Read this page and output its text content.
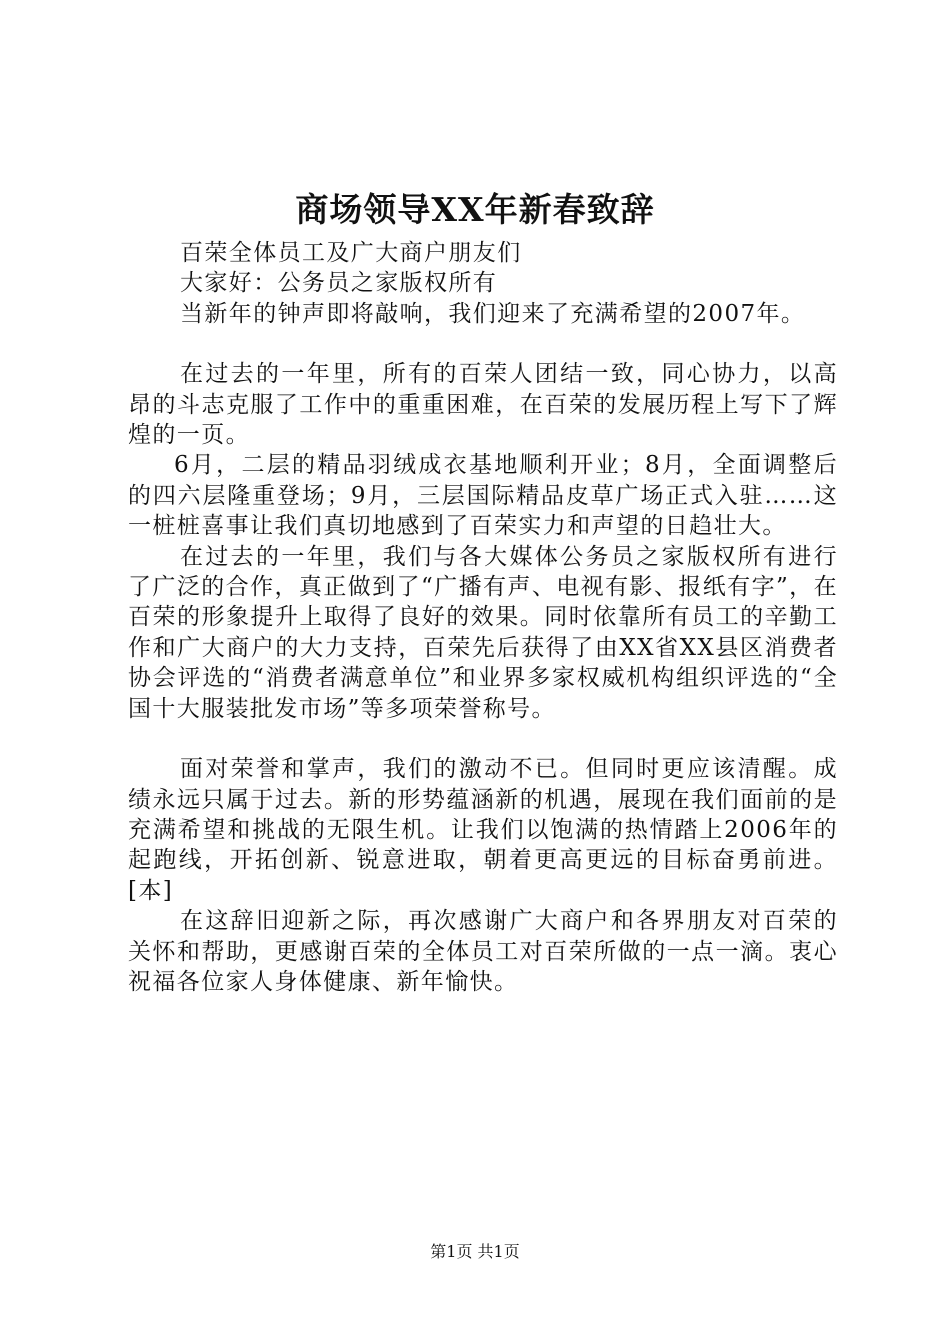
商场领导XX年新春致辞

百荣全体员工及广大商户朋友们

大家好：公务员之家版权所有

当新年的钟声即将敲响，我们迎来了充满希望的2007年。

在过去的一年里，所有的百荣人团结一致，同心协力，以高昂的斗志克服了工作中的重重困难，在百荣的发展历程上写下了辉煌的一页。

6月，二层的精品羽绒成衣基地顺利开业；8月，全面调整后的四六层隆重登场；9月，三层国际精品皮草广场正式入驻……这一桩桩喜事让我们真切地感到了百荣实力和声望的日趋壮大。

在过去的一年里，我们与各大媒体公务员之家版权所有进行了广泛的合作，真正做到了“广播有声、电视有影、报纸有字”，在百荣的形象提升上取得了良好的效果。同时依靠所有员工的辛勤工作和广大商户的大力支持，百荣先后获得了由XX省XX县区消费者协会评选的“消费者满意单位”和业界多家权威机构组织评选的“全国十大服装批发市场”等多项荣誉称号。

面对荣誉和掌声，我们的激动不已。但同时更应该清醒。成绩永远只属于过去。新的形势蕴涵新的机遇，展现在我们面前的是充满希望和挑战的无限生机。让我们以饱满的热情踏上2006年的起跑线，开拓创新、锐意进取，朝着更高更远的目标奋勇前进。[本]

在这辞旧迎新之际，再次感谢广大商户和各界朋友对百荣的关怀和帮助，更感谢百荣的全体员工对百荣所做的一点一滴。衷心祝福各位家人身体健康、新年愉快。

第1页 共1页
